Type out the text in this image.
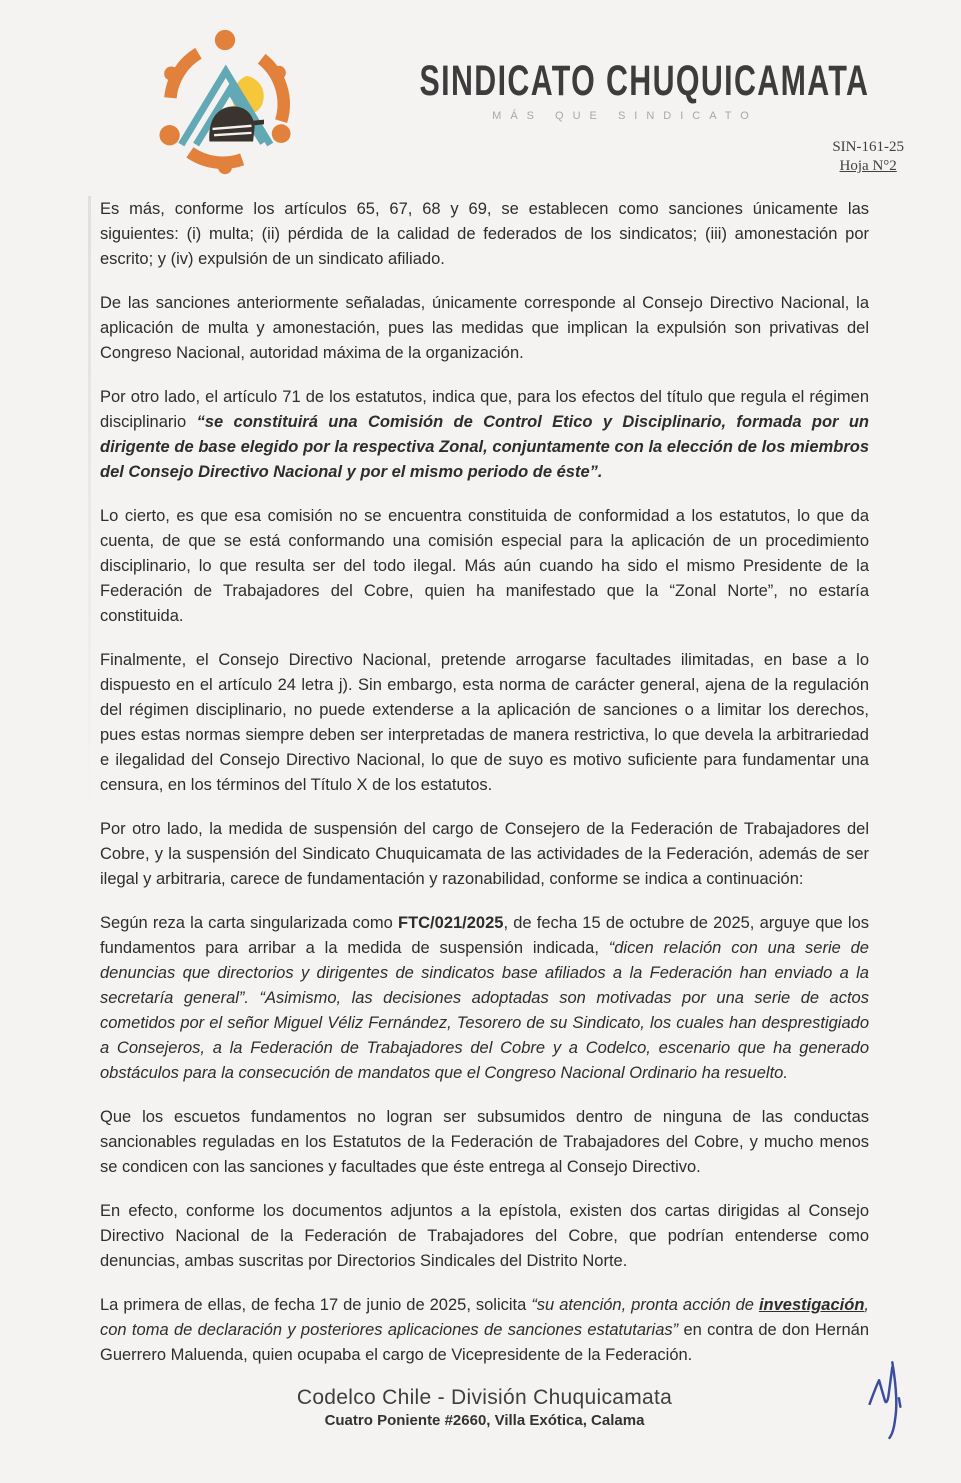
SINDICATO CHUQUICAMATA
MÁS QUE SINDICATO
SIN-161-25
Hoja N°2

Es más, conforme los artículos 65, 67, 68 y 69, se establecen como sanciones únicamente las siguientes: (i) multa; (ii) pérdida de la calidad de federados de los sindicatos; (iii) amonestación por escrito; y (iv) expulsión de un sindicato afiliado.

De las sanciones anteriormente señaladas, únicamente corresponde al Consejo Directivo Nacional, la aplicación de multa y amonestación, pues las medidas que implican la expulsión son privativas del Congreso Nacional, autoridad máxima de la organización.

Por otro lado, el artículo 71 de los estatutos, indica que, para los efectos del título que regula el régimen disciplinario “se constituirá una Comisión de Control Etico y Disciplinario, formada por un dirigente de base elegido por la respectiva Zonal, conjuntamente con la elección de los miembros del Consejo Directivo Nacional y por el mismo periodo de éste”.

Lo cierto, es que esa comisión no se encuentra constituida de conformidad a los estatutos, lo que da cuenta, de que se está conformando una comisión especial para la aplicación de un procedimiento disciplinario, lo que resulta ser del todo ilegal. Más aún cuando ha sido el mismo Presidente de la Federación de Trabajadores del Cobre, quien ha manifestado que la “Zonal Norte”, no estaría constituida.

Finalmente, el Consejo Directivo Nacional, pretende arrogarse facultades ilimitadas, en base a lo dispuesto en el artículo 24 letra j). Sin embargo, esta norma de carácter general, ajena de la regulación del régimen disciplinario, no puede extenderse a la aplicación de sanciones o a limitar los derechos, pues estas normas siempre deben ser interpretadas de manera restrictiva, lo que devela la arbitrariedad e ilegalidad del Consejo Directivo Nacional, lo que de suyo es motivo suficiente para fundamentar una censura, en los términos del Título X de los estatutos.

Por otro lado, la medida de suspensión del cargo de Consejero de la Federación de Trabajadores del Cobre, y la suspensión del Sindicato Chuquicamata de las actividades de la Federación, además de ser ilegal y arbitraria, carece de fundamentación y razonabilidad, conforme se indica a continuación:

Según reza la carta singularizada como FTC/021/2025, de fecha 15 de octubre de 2025, arguye que los fundamentos para arribar a la medida de suspensión indicada, “dicen relación con una serie de denuncias que directorios y dirigentes de sindicatos base afiliados a la Federación han enviado a la secretaría general”. “Asimismo, las decisiones adoptadas son motivadas por una serie de actos cometidos por el señor Miguel Véliz Fernández, Tesorero de su Sindicato, los cuales han desprestigiado a Consejeros, a la Federación de Trabajadores del Cobre y a Codelco, escenario que ha generado obstáculos para la consecución de mandatos que el Congreso Nacional Ordinario ha resuelto.

Que los escuetos fundamentos no logran ser subsumidos dentro de ninguna de las conductas sancionables reguladas en los Estatutos de la Federación de Trabajadores del Cobre, y mucho menos se condicen con las sanciones y facultades que éste entrega al Consejo Directivo.

En efecto, conforme los documentos adjuntos a la epístola, existen dos cartas dirigidas al Consejo Directivo Nacional de la Federación de Trabajadores del Cobre, que podrían entenderse como denuncias, ambas suscritas por Directorios Sindicales del Distrito Norte.

La primera de ellas, de fecha 17 de junio de 2025, solicita “su atención, pronta acción de investigación, con toma de declaración y posteriores aplicaciones de sanciones estatutarias” en contra de don Hernán Guerrero Maluenda, quien ocupaba el cargo de Vicepresidente de la Federación.

Codelco Chile - División Chuquicamata
Cuatro Poniente #2660, Villa Exótica, Calama
